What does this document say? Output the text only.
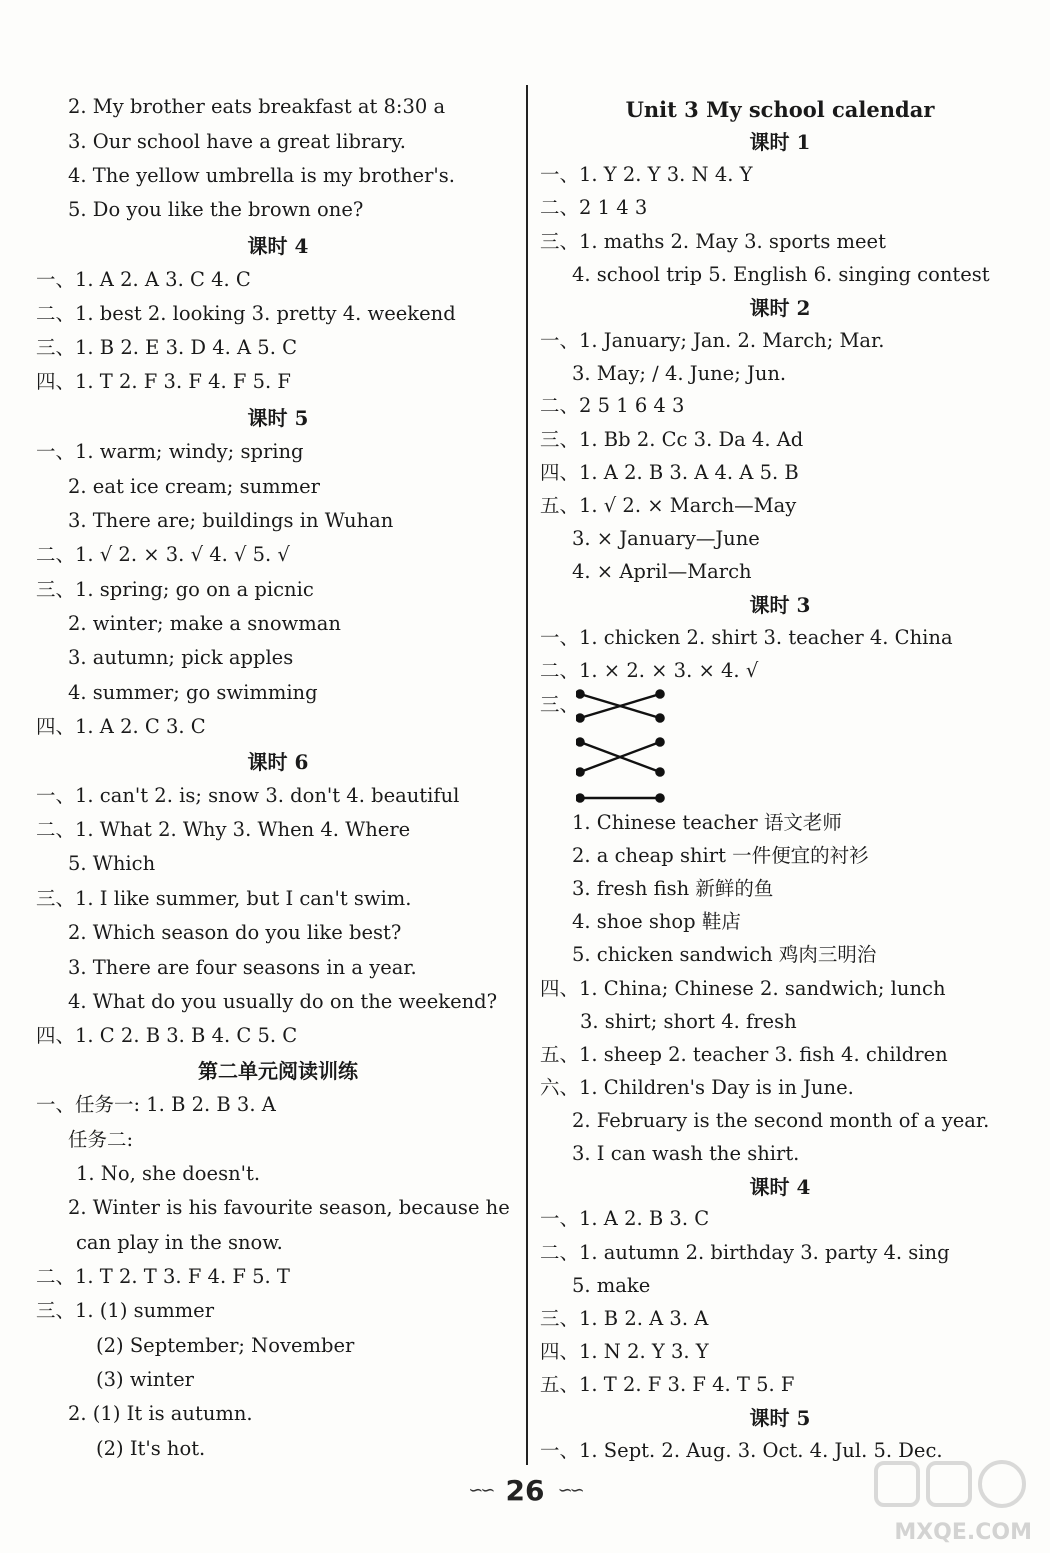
2. My brother eats breakfast at 8:30 a
3. Our school have a great library.
4. The yellow umbrella is my brother's.
5. Do you like the brown one?
课时 4
一、1. A 2. A 3. C 4. C
二、1. best 2. looking 3. pretty 4. weekend
三、1. B 2. E 3. D 4. A 5. C
四、1. T 2. F 3. F 4. F 5. F
课时 5
一、1. warm; windy; spring
2. eat ice cream; summer
3. There are; buildings in Wuhan
二、1. √ 2. × 3. √ 4. √ 5. √
三、1. spring; go on a picnic
2. winter; make a snowman
3. autumn; pick apples
4. summer; go swimming
四、1. A 2. C 3. C
课时 6
一、1. can't 2. is; snow 3. don't 4. beautiful
二、1. What 2. Why 3. When 4. Where
5. Which
三、1. I like summer, but I can't swim.
2. Which season do you like best?
3. There are four seasons in a year.
4. What do you usually do on the weekend?
四、1. C 2. B 3. B 4. C 5. C
第二单元阅读训练
一、任务一: 1. B 2. B 3. A
任务二:
1. No, she doesn't.
2. Winter is his favourite season, because he
can play in the snow.
二、1. T 2. T 3. F 4. F 5. T
三、1. (1) summer
(2) September; November
(3) winter
2. (1) It is autumn.
(2) It's hot.
Unit 3 My school calendar
课时 1
一、1. Y 2. Y 3. N 4. Y
二、2 1 4 3
三、1. maths 2. May 3. sports meet
4. school trip 5. English 6. singing contest
课时 2
一、1. January; Jan. 2. March; Mar.
3. May; ∕ 4. June; Jun.
二、2 5 1 6 4 3
三、1. Bb 2. Cc 3. Da 4. Ad
四、1. A 2. B 3. A 4. A 5. B
五、1. √ 2. × March—May
3. × January—June
4. × April—March
课时 3
一、1. chicken 2. shirt 3. teacher 4. China
二、1. × 2. × 3. × 4. √
三、
1. Chinese teacher 语文老师
2. a cheap shirt 一件便宜的衬衫
3. fresh fish 新鲜的鱼
4. shoe shop 鞋店
5. chicken sandwich 鸡肉三明治
四、1. China; Chinese 2. sandwich; lunch
3. shirt; short 4. fresh
五、1. sheep 2. teacher 3. fish 4. children
六、1. Children's Day is in June.
2. February is the second month of a year.
3. I can wash the shirt.
课时 4
一、1. A 2. B 3. C
二、1. autumn 2. birthday 3. party 4. sing
5. make
三、1. B 2. A 3. A
四、1. N 2. Y 3. Y
五、1. T 2. F 3. F 4. T 5. F
课时 5
一、1. Sept. 2. Aug. 3. Oct. 4. Jul. 5. Dec.
∽∽ 26 ∽∽
MXQE.COM
